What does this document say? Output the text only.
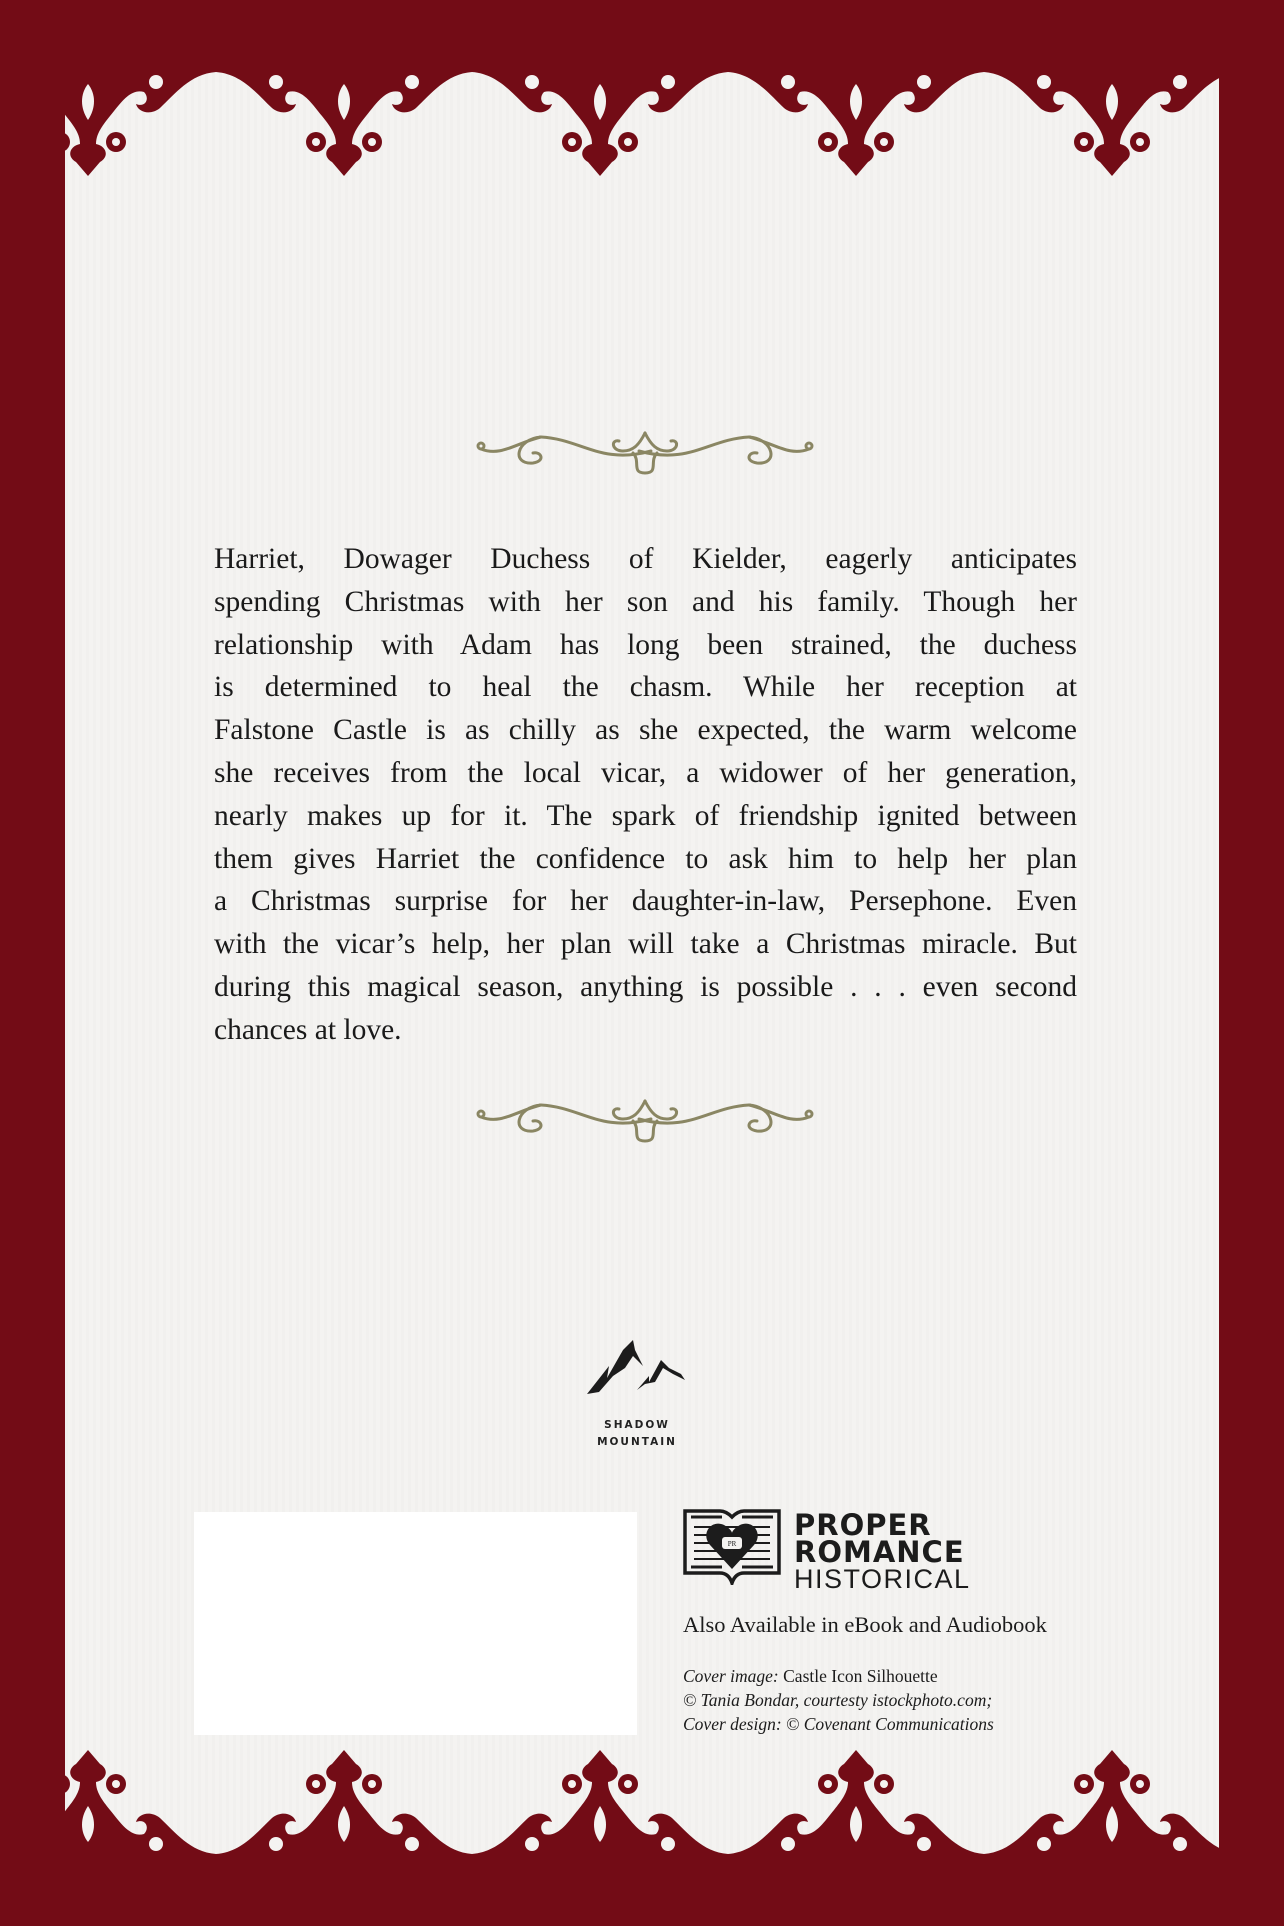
Harriet, Dowager Duchess of Kielder, eagerly anticipates
spending Christmas with her son and his family. Though her
relationship with Adam has long been strained, the duchess
is determined to heal the chasm. While her reception at
Falstone Castle is as chilly as she expected, the warm welcome
she receives from the local vicar, a widower of her generation,
nearly makes up for it. The spark of friendship ignited between
them gives Harriet the confidence to ask him to help her plan
a Christmas surprise for her daughter-in-law, Persephone. Even
with the vicar’s help, her plan will take a Christmas miracle. But
during this magical season, anything is possible . . . even second
chances at love.
SHADOW
MOUNTAIN
PR
PROPER
ROMANCE
HISTORICAL
Also Available in eBook and Audiobook
Cover image: Castle Icon Silhouette
© Tania Bondar, courtesty istockphoto.com;
Cover design: © Covenant Communications
